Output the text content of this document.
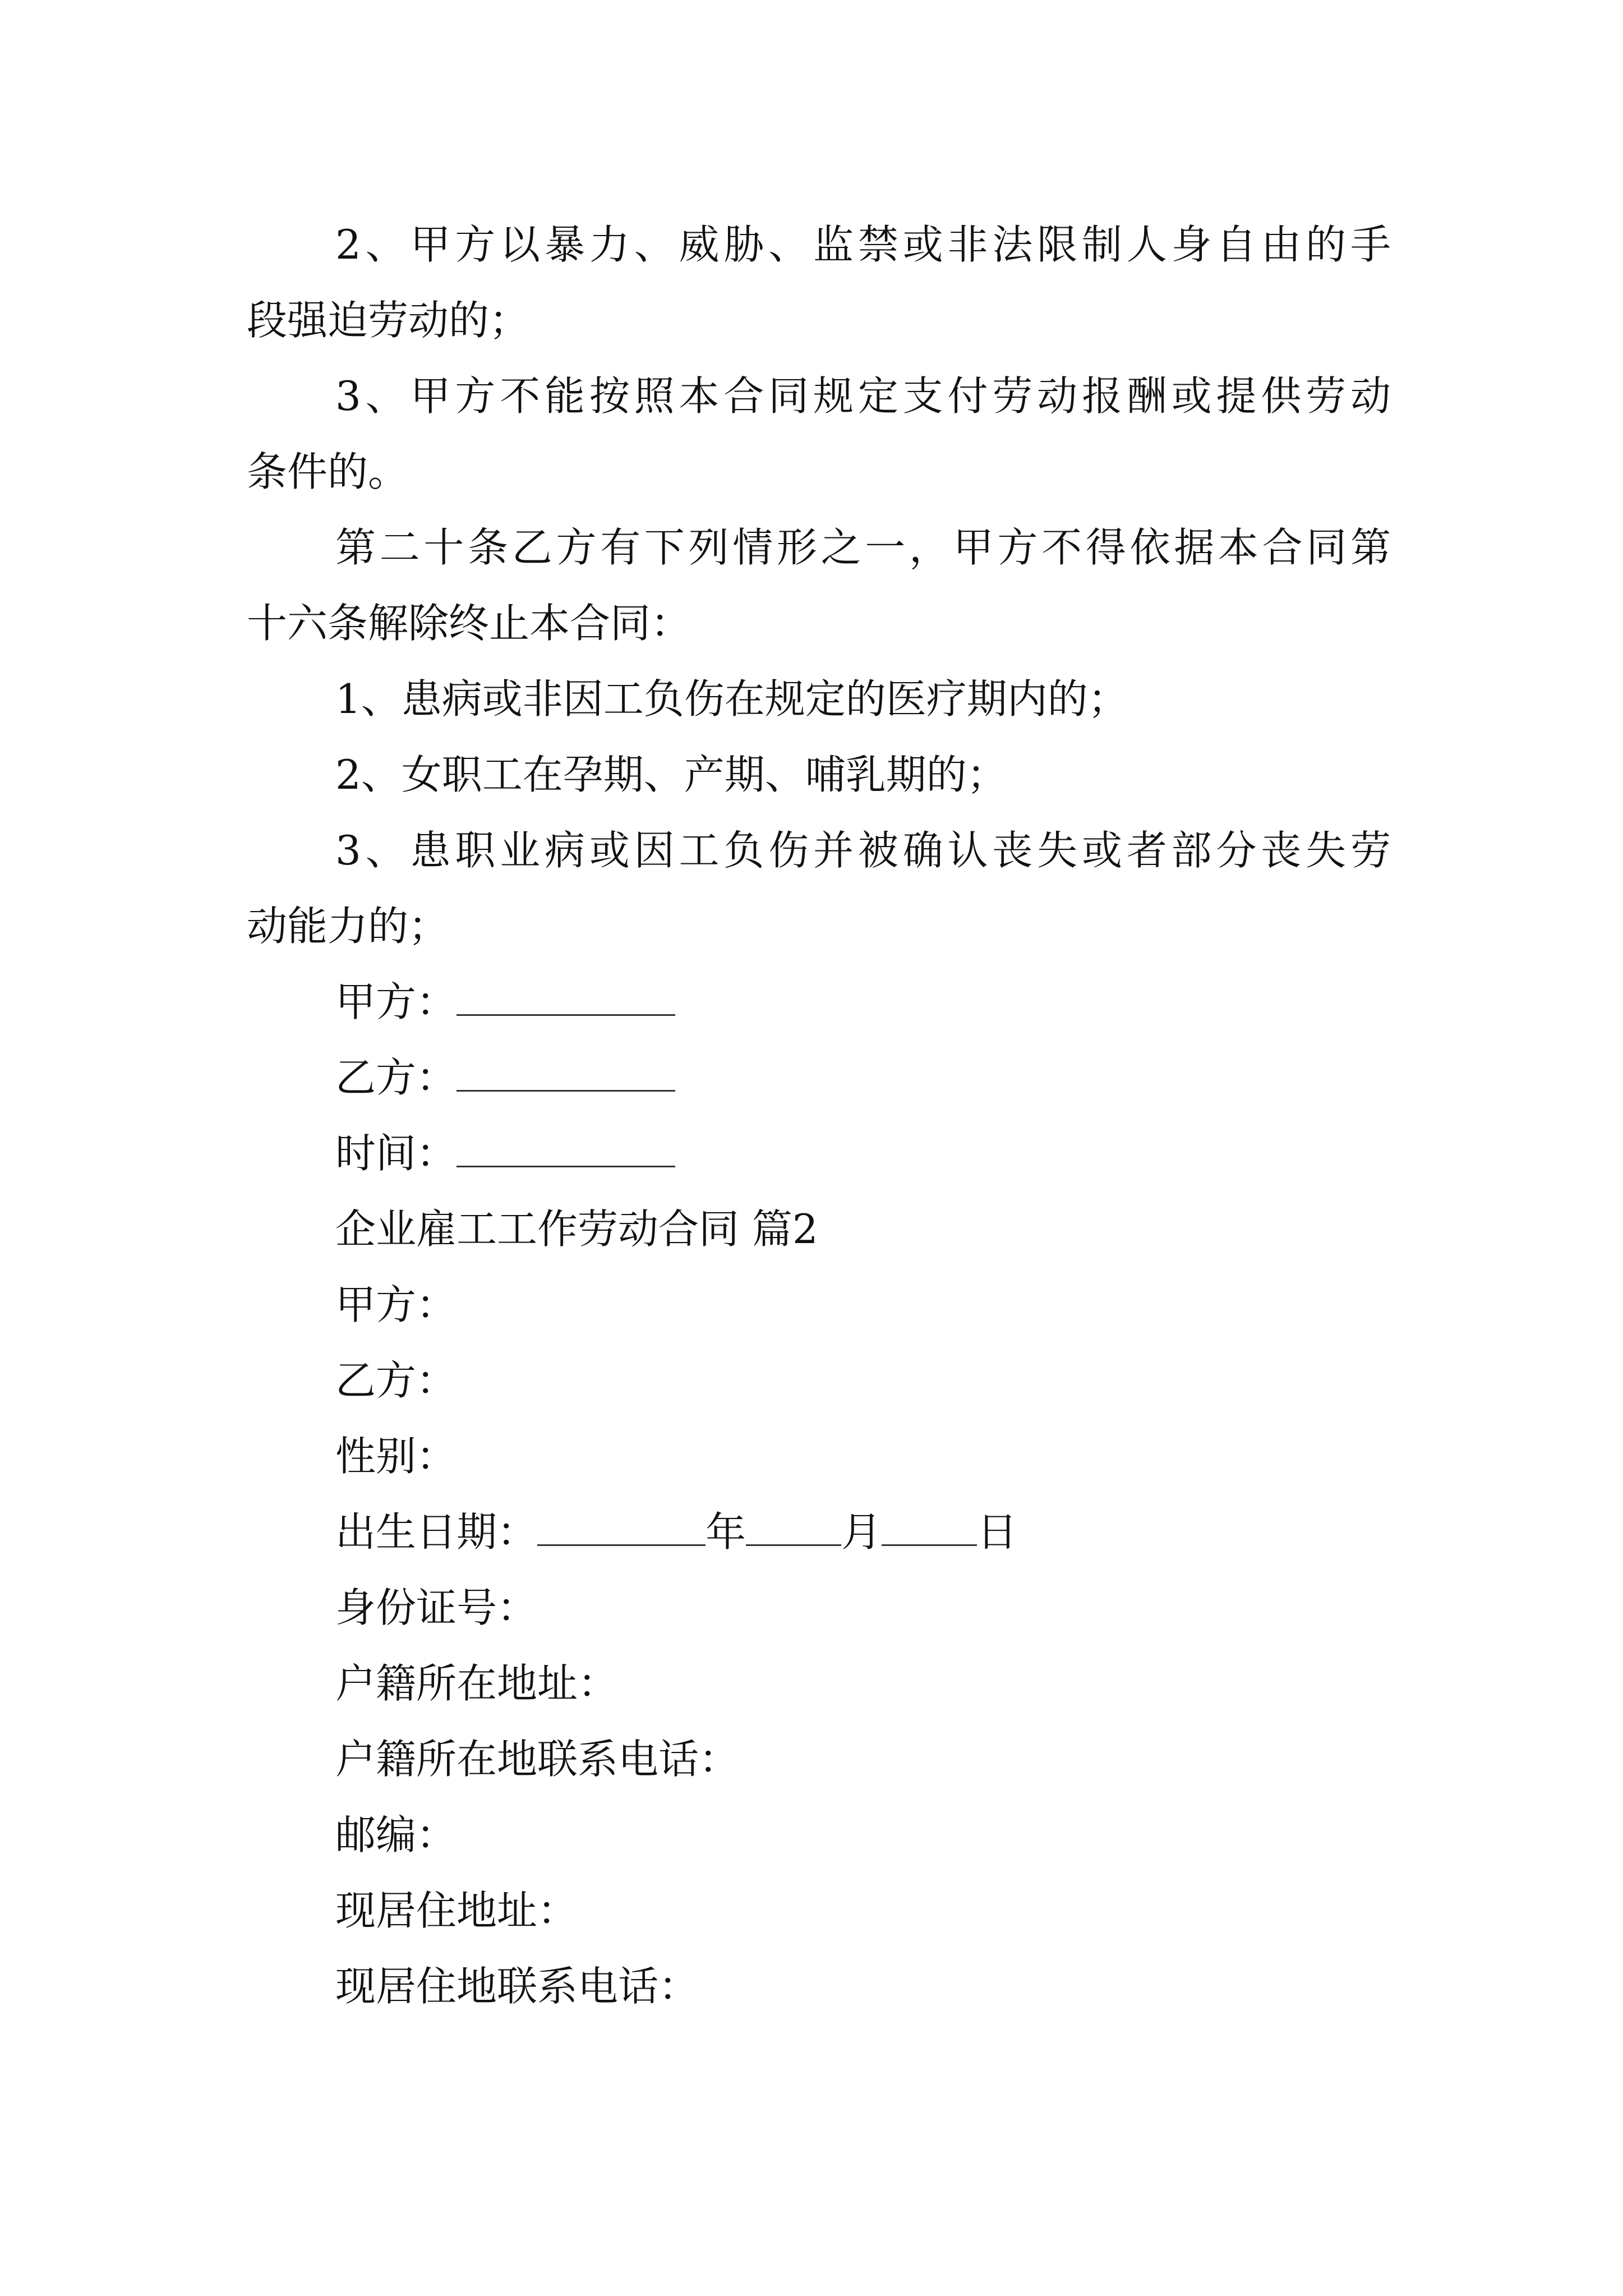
2、甲方以暴力、威胁、监禁或非法限制人身自由的手
段强迫劳动的；
3、甲方不能按照本合同规定支付劳动报酬或提供劳动
条件的。
第二十条乙方有下列情形之一，甲方不得依据本合同第
十六条解除终止本合同：
1、患病或非因工负伤在规定的医疗期内的；
2、女职工在孕期、产期、哺乳期的；
3、患职业病或因工负伤并被确认丧失或者部分丧失劳
动能力的；
甲方：
乙方：
时间：
企业雇工工作劳动合同 篇2
甲方：
乙方：
性别：
出生日期：	年 月 日
身份证号：
户籍所在地址：
户籍所在地联系电话：
邮编：
现居住地址：
现居住地联系电话：
